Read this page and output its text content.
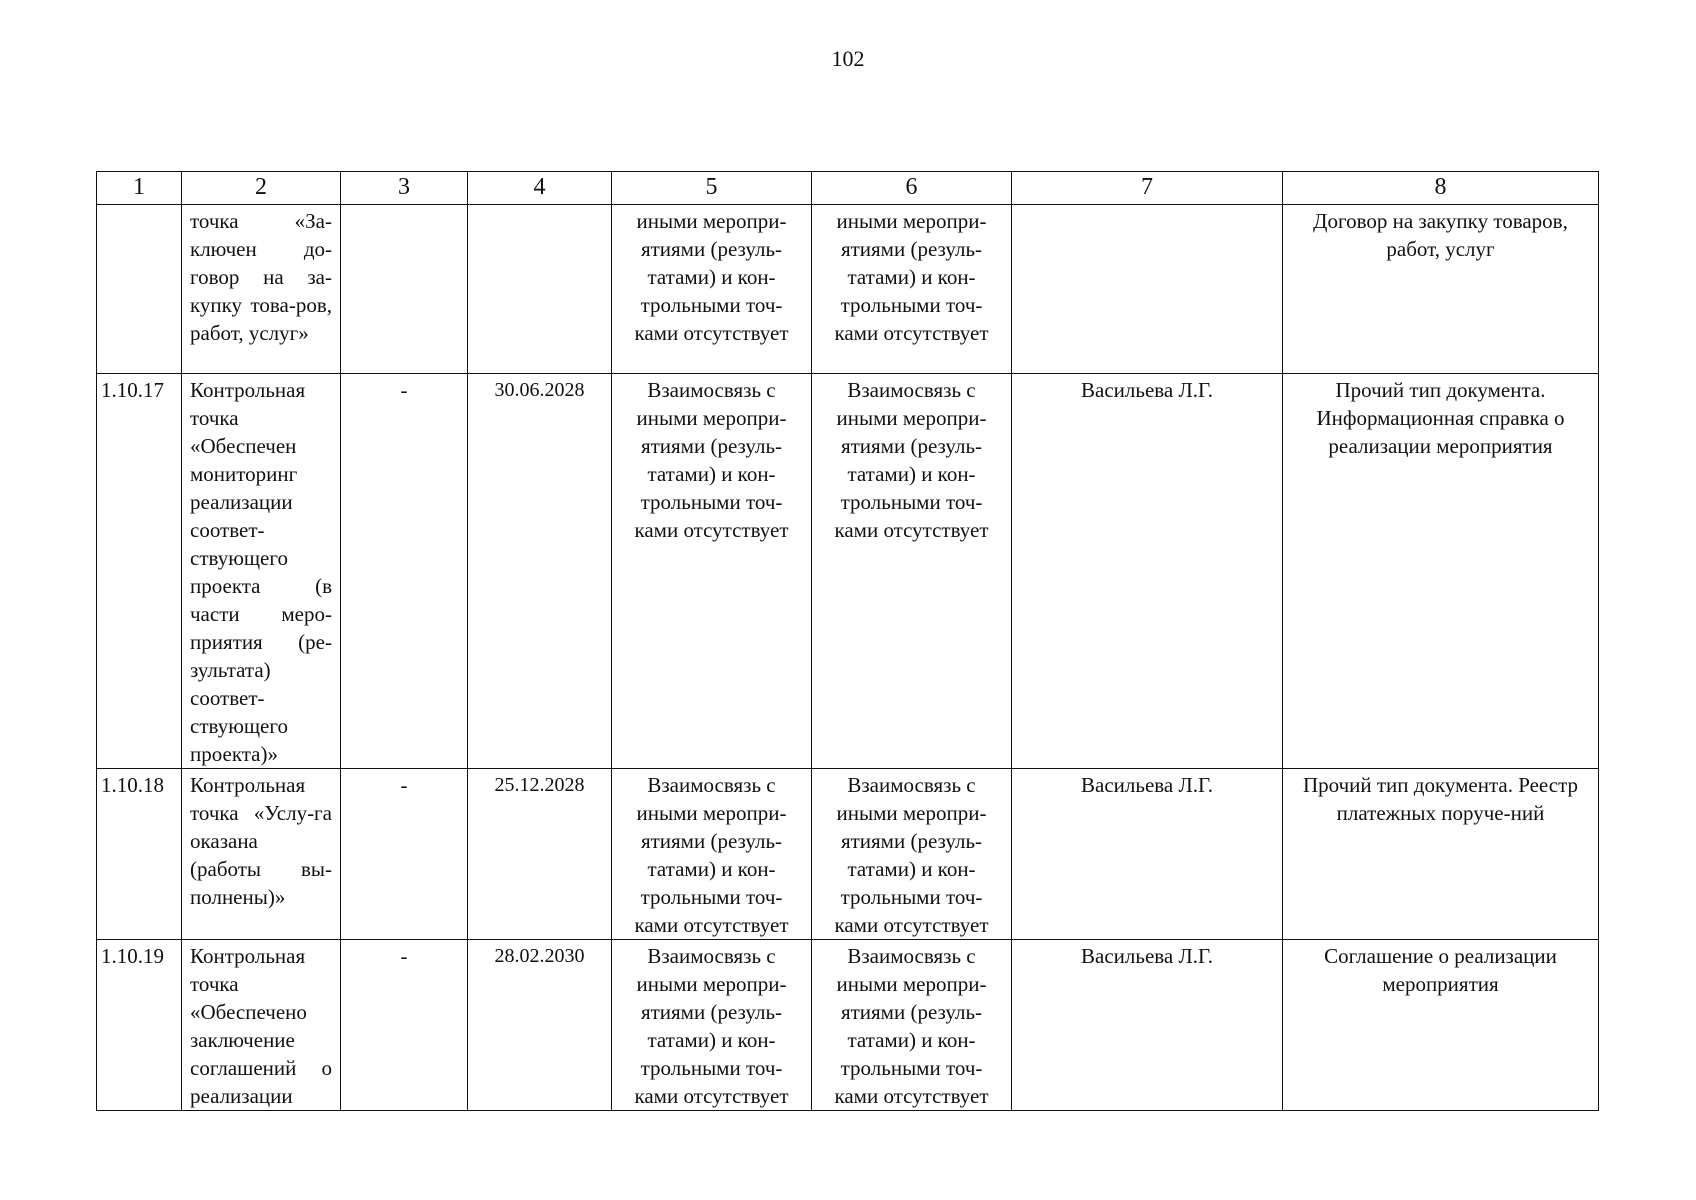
102
1	2	3	4	5	6	7	8
	точка «За-ключен до-говор на за-купку това-ров, работ, услуг»			иными меропри-ятиями (резуль-татами) и кон-трольными точ-ками отсутствует	иными меропри-ятиями (резуль-татами) и кон-трольными точ-ками отсутствует		Договор на закупку товаров, работ, услуг
1.10.17	Контрольная точка «Обеспечен мониторинг реализации соответ-ствующего проекта (в части меро-приятия (ре-зультата) соответ-ствующего проекта)»	-	30.06.2028	Взаимосвязь с иными меропри-ятиями (резуль-татами) и кон-трольными точ-ками отсутствует	Взаимосвязь с иными меропри-ятиями (резуль-татами) и кон-трольными точ-ками отсутствует	Васильева Л.Г.	Прочий тип документа. Информационная справка о реализации мероприятия
1.10.18	Контрольная точка «Услу-га оказана (работы вы-полнены)»	-	25.12.2028	Взаимосвязь с иными меропри-ятиями (резуль-татами) и кон-трольными точ-ками отсутствует	Взаимосвязь с иными меропри-ятиями (резуль-татами) и кон-трольными точ-ками отсутствует	Васильева Л.Г.	Прочий тип документа. Реестр платежных поруче-ний
1.10.19	Контрольная точка «Обеспечено заключение соглашений о реализации	-	28.02.2030	Взаимосвязь с иными меропри-ятиями (резуль-татами) и кон-трольными точ-ками отсутствует	Взаимосвязь с иными меропри-ятиями (резуль-татами) и кон-трольными точ-ками отсутствует	Васильева Л.Г.	Соглашение о реализации мероприятия
